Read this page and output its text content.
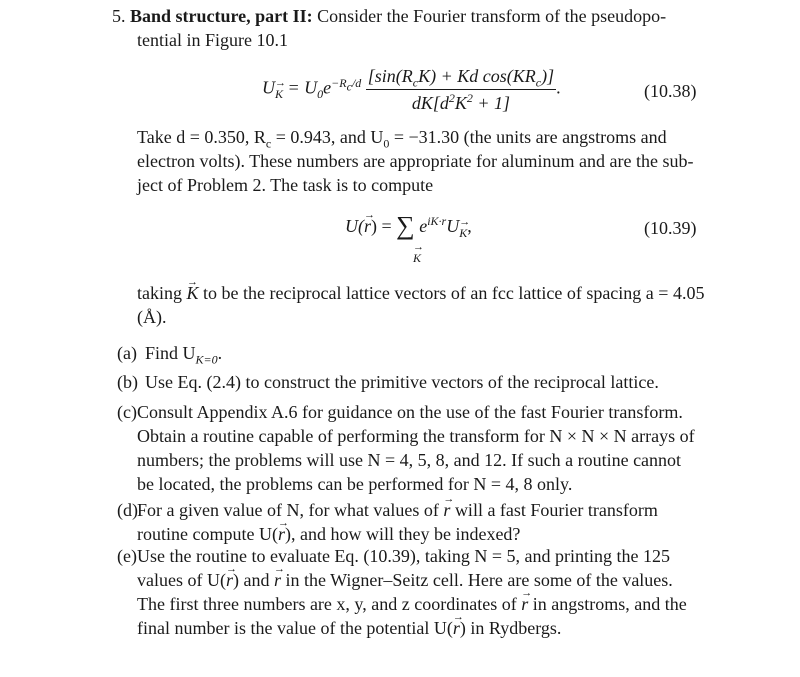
5. Band structure, part II: Consider the Fourier transform of the pseudopo-
tential in Figure 10.1
$U_K = U_0e^{-R_c/d} \frac{[\sin(R_cK) + Kd \cos(KR_c)]}{dK[d^2K^2 + 1]}$ .	(10.38)
Take d = 0.350, $R_c = 0.943$, and $U_0 = -31.30$ (the units are angstroms and
electron volts). These numbers are appropriate for aluminum and are the sub-
ject of Problem 2. The task is to compute
U(→ r) = ∑ $e^{iK\cdot r}U_K$,
→ K
(10.39)
taking → K to be the reciprocal lattice vectors of an fcc lattice of spacing a = 4.05
(Å).
(a) Find $U_{K=0}$.
(b) Use Eq. (2.4) to construct the primitive vectors of the reciprocal lattice.
(c) Consult Appendix A.6 for guidance on the use of the fast Fourier transform.
Obtain a routine capable of performing the transform for N × N × N arrays of
numbers; the problems will use N = 4, 5, 8, and 12. If such a routine cannot
be located, the problems can be performed for N = 4, 8 only.
(d) For a given value of N, for what values of → r will a fast Fourier transform
routine compute U(→ r), and how will they be indexed?
(e) Use the routine to evaluate Eq. (10.39), taking N = 5, and printing the 125
values of U(→ r) and → r in the Wigner–Seitz cell. Here are some of the values.
The first three numbers are x, y, and z coordinates of → r in angstroms, and the
final number is the value of the potential U(→ r) in Rydbergs.
